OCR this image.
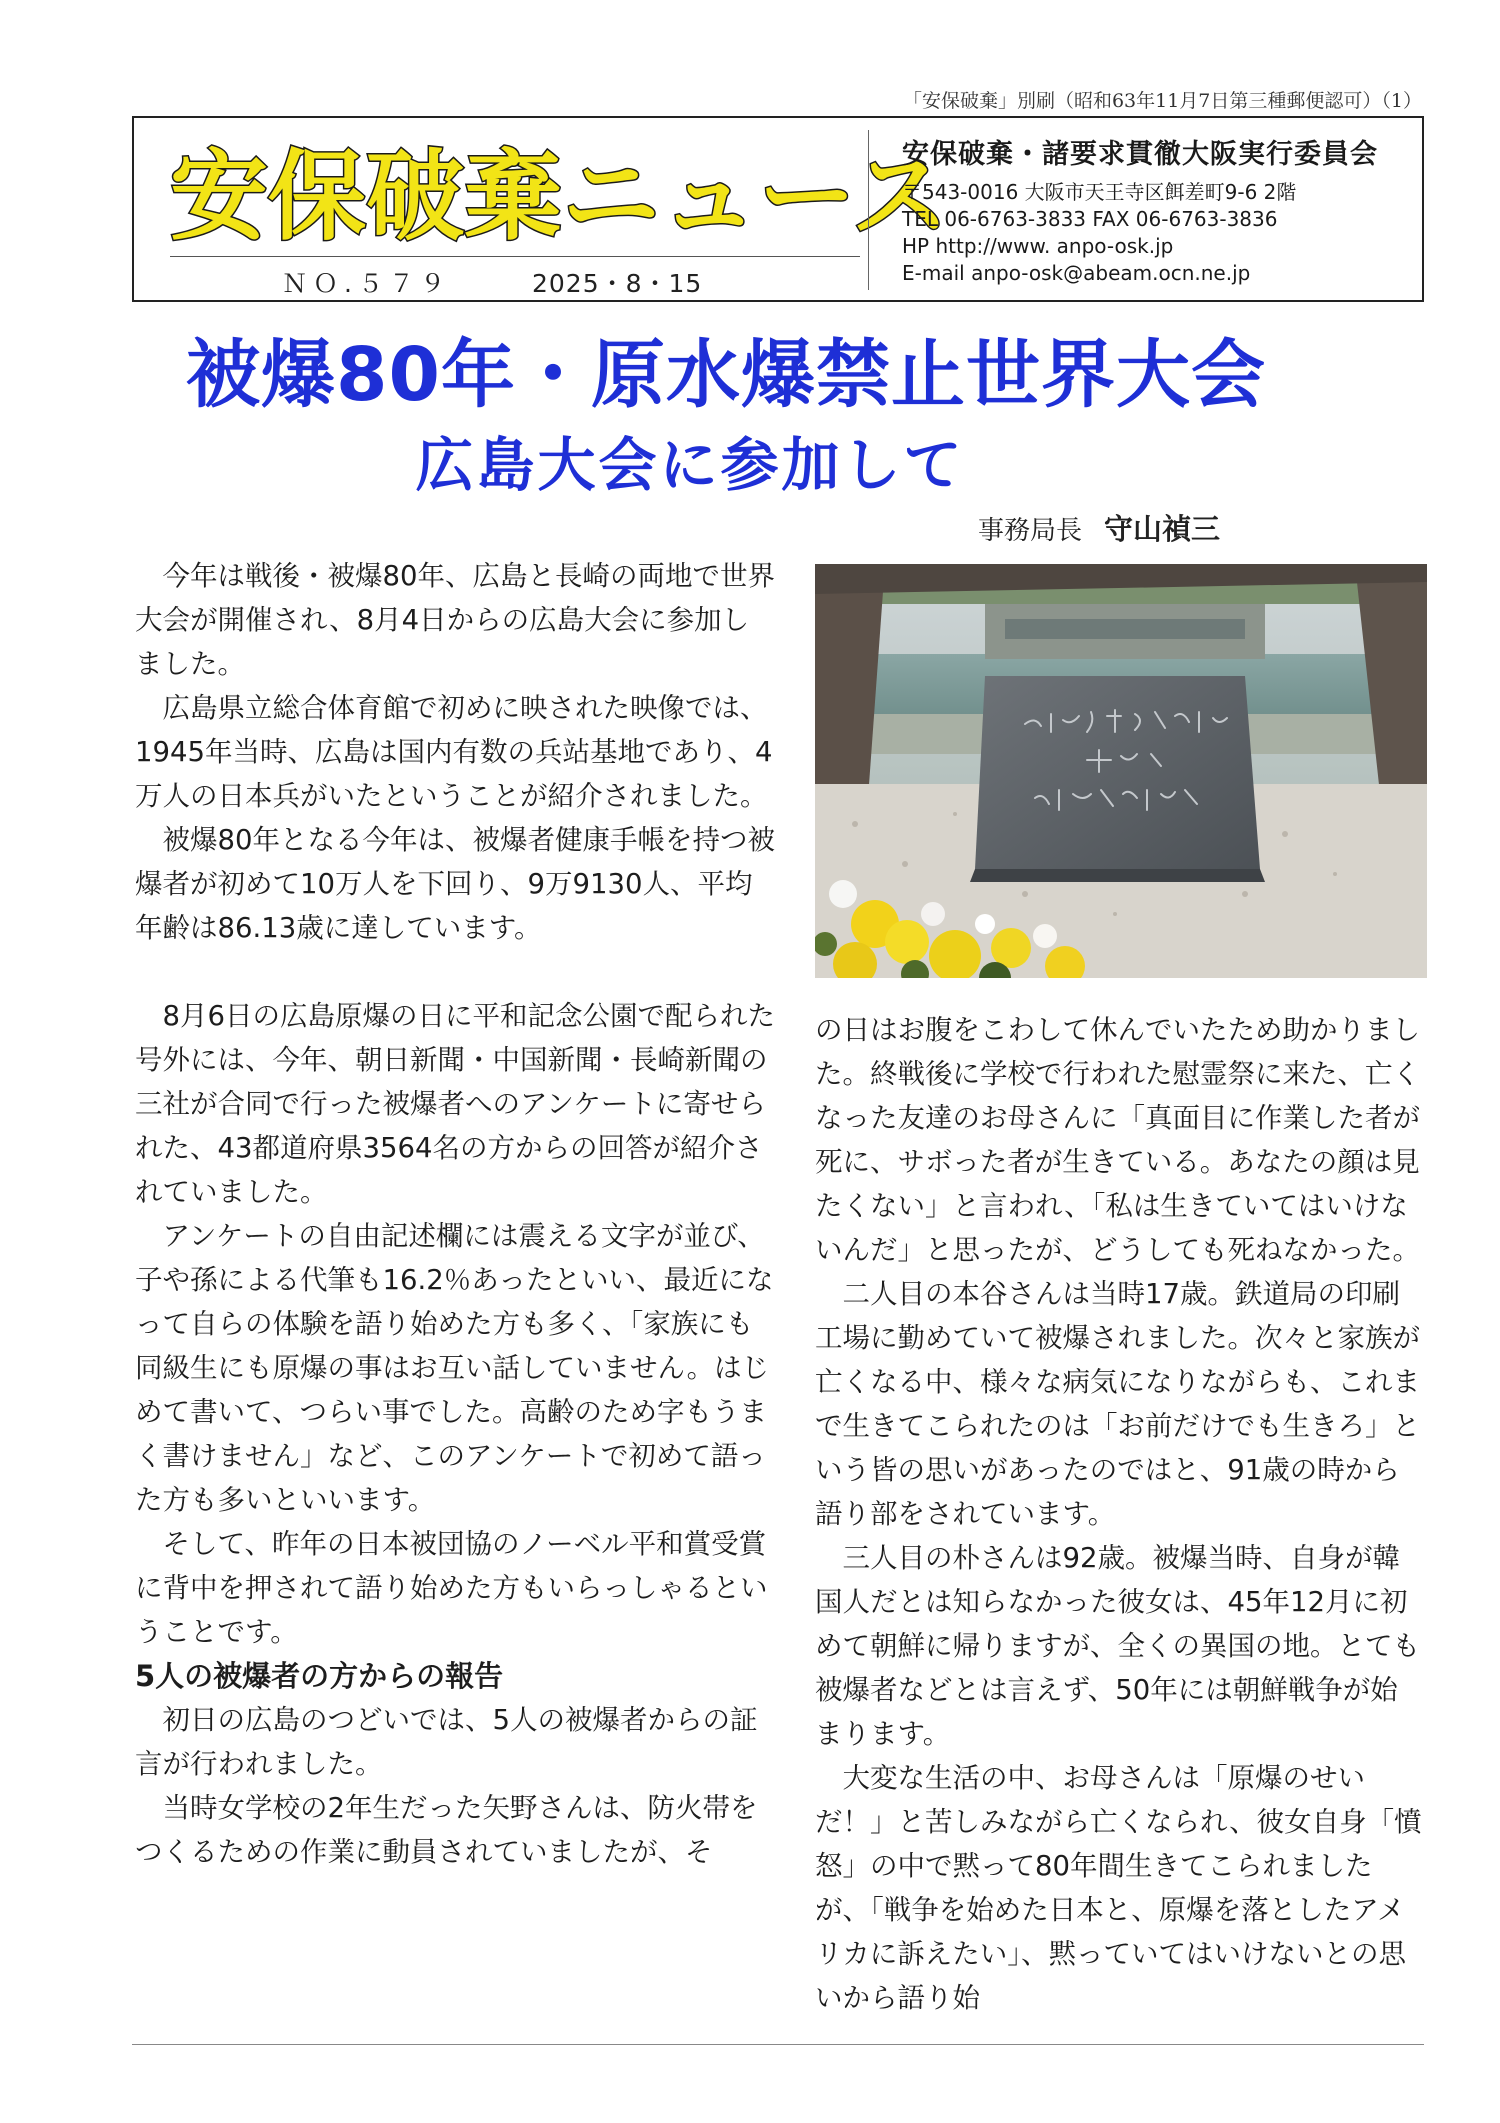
「安保破棄」別刷（昭和63年11月7日第三種郵便認可）（1）
安保破棄ニュース
ＮＯ.５７９	2025・8・15
安保破棄・諸要求貫徹大阪実行委員会
〒543-0016 大阪市天王寺区餌差町9-6 2階
TEL 06-6763-3833 FAX 06-6763-3836
HP http://www. anpo-osk.jp
E-mail anpo-osk@abeam.ocn.ne.jp
被爆80年・原水爆禁止世界大会
広島大会に参加して
事務局長 守山禎三

今年は戦後・被爆80年、広島と長崎の両地で世界大会が開催され、8月4日からの広島大会に参加しました。

広島県立総合体育館で初めに映された映像では、1945年当時、広島は国内有数の兵站基地であり、4万人の日本兵がいたということが紹介されました。

被爆80年となる今年は、被爆者健康手帳を持つ被爆者が初めて10万人を下回り、9万9130人、平均年齢は86.13歳に達しています。

8月6日の広島原爆の日に平和記念公園で配られた号外には、今年、朝日新聞・中国新聞・長崎新聞の三社が合同で行った被爆者へのアンケートに寄せられた、43都道府県3564名の方からの回答が紹介されていました。

アンケートの自由記述欄には震える文字が並び、子や孫による代筆も16.2％あったといい、最近になって自らの体験を語り始めた方も多く、「家族にも同級生にも原爆の事はお互い話していません。はじめて書いて、つらい事でした。高齢のため字もうまく書けません」など、このアンケートで初めて語った方も多いといいます。

そして、昨年の日本被団協のノーベル平和賞受賞に背中を押されて語り始めた方もいらっしゃるということです。

5人の被爆者の方からの報告

初日の広島のつどいでは、5人の被爆者からの証言が行われました。

当時女学校の2年生だった矢野さんは、防火帯をつくるための作業に動員されていましたが、そ

の日はお腹をこわして休んでいたため助かりました。終戦後に学校で行われた慰霊祭に来た、亡くなった友達のお母さんに「真面目に作業した者が死に、サボった者が生きている。あなたの顔は見たくない」と言われ、「私は生きていてはいけないんだ」と思ったが、どうしても死ねなかった。

二人目の本谷さんは当時17歳。鉄道局の印刷工場に勤めていて被爆されました。次々と家族が亡くなる中、様々な病気になりながらも、これまで生きてこられたのは「お前だけでも生きろ」という皆の思いがあったのではと、91歳の時から語り部をされています。

三人目の朴さんは92歳。被爆当時、自身が韓国人だとは知らなかった彼女は、45年12月に初めて朝鮮に帰りますが、全くの異国の地。とても被爆者などとは言えず、50年には朝鮮戦争が始まります。

大変な生活の中、お母さんは「原爆のせいだ！」と苦しみながら亡くなられ、彼女自身「憤怒」の中で黙って80年間生きてこられましたが、「戦争を始めた日本と、原爆を落としたアメリカに訴えたい」、黙っていてはいけないとの思いから語り始
